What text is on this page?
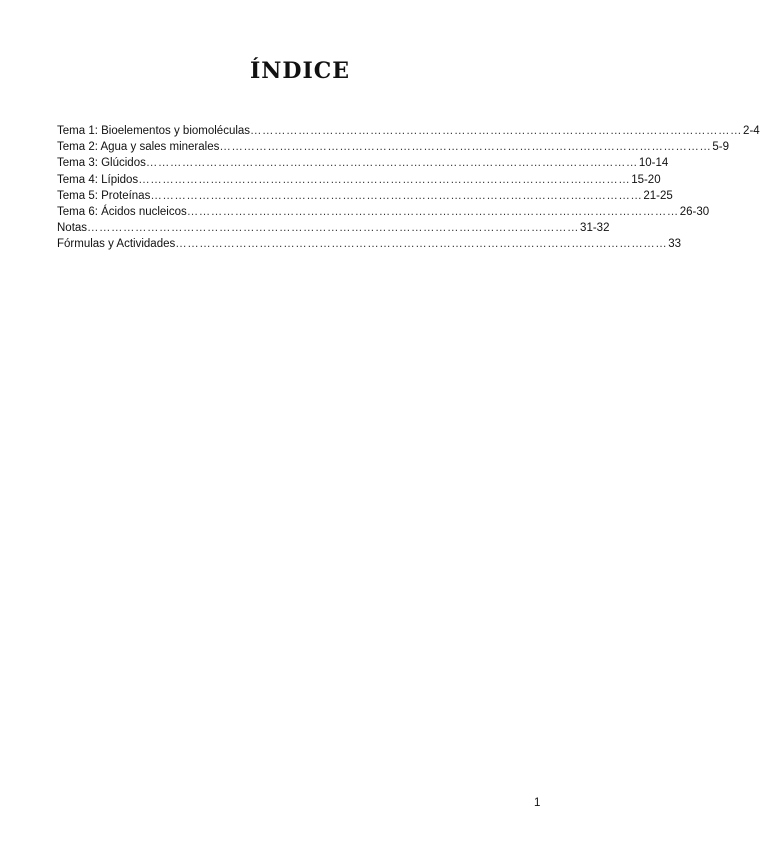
ÍNDICE
Tema 1: Bioelementos y biomoléculas …………………………………………………………………………………………………………… 2-4
Tema 2: Agua y sales minerales …………………………………………………………………………………………………………… 5-9
Tema 3: Glúcidos …………………………………………………………………………………………………………… 10-14
Tema 4: Lípidos …………………………………………………………………………………………………………… 15-20
Tema 5: Proteínas …………………………………………………………………………………………………………… 21-25
Tema 6: Ácidos nucleicos …………………………………………………………………………………………………………… 26-30
Notas …………………………………………………………………………………………………………… 31-32
Fórmulas y Actividades …………………………………………………………………………………………………………… 33
1
